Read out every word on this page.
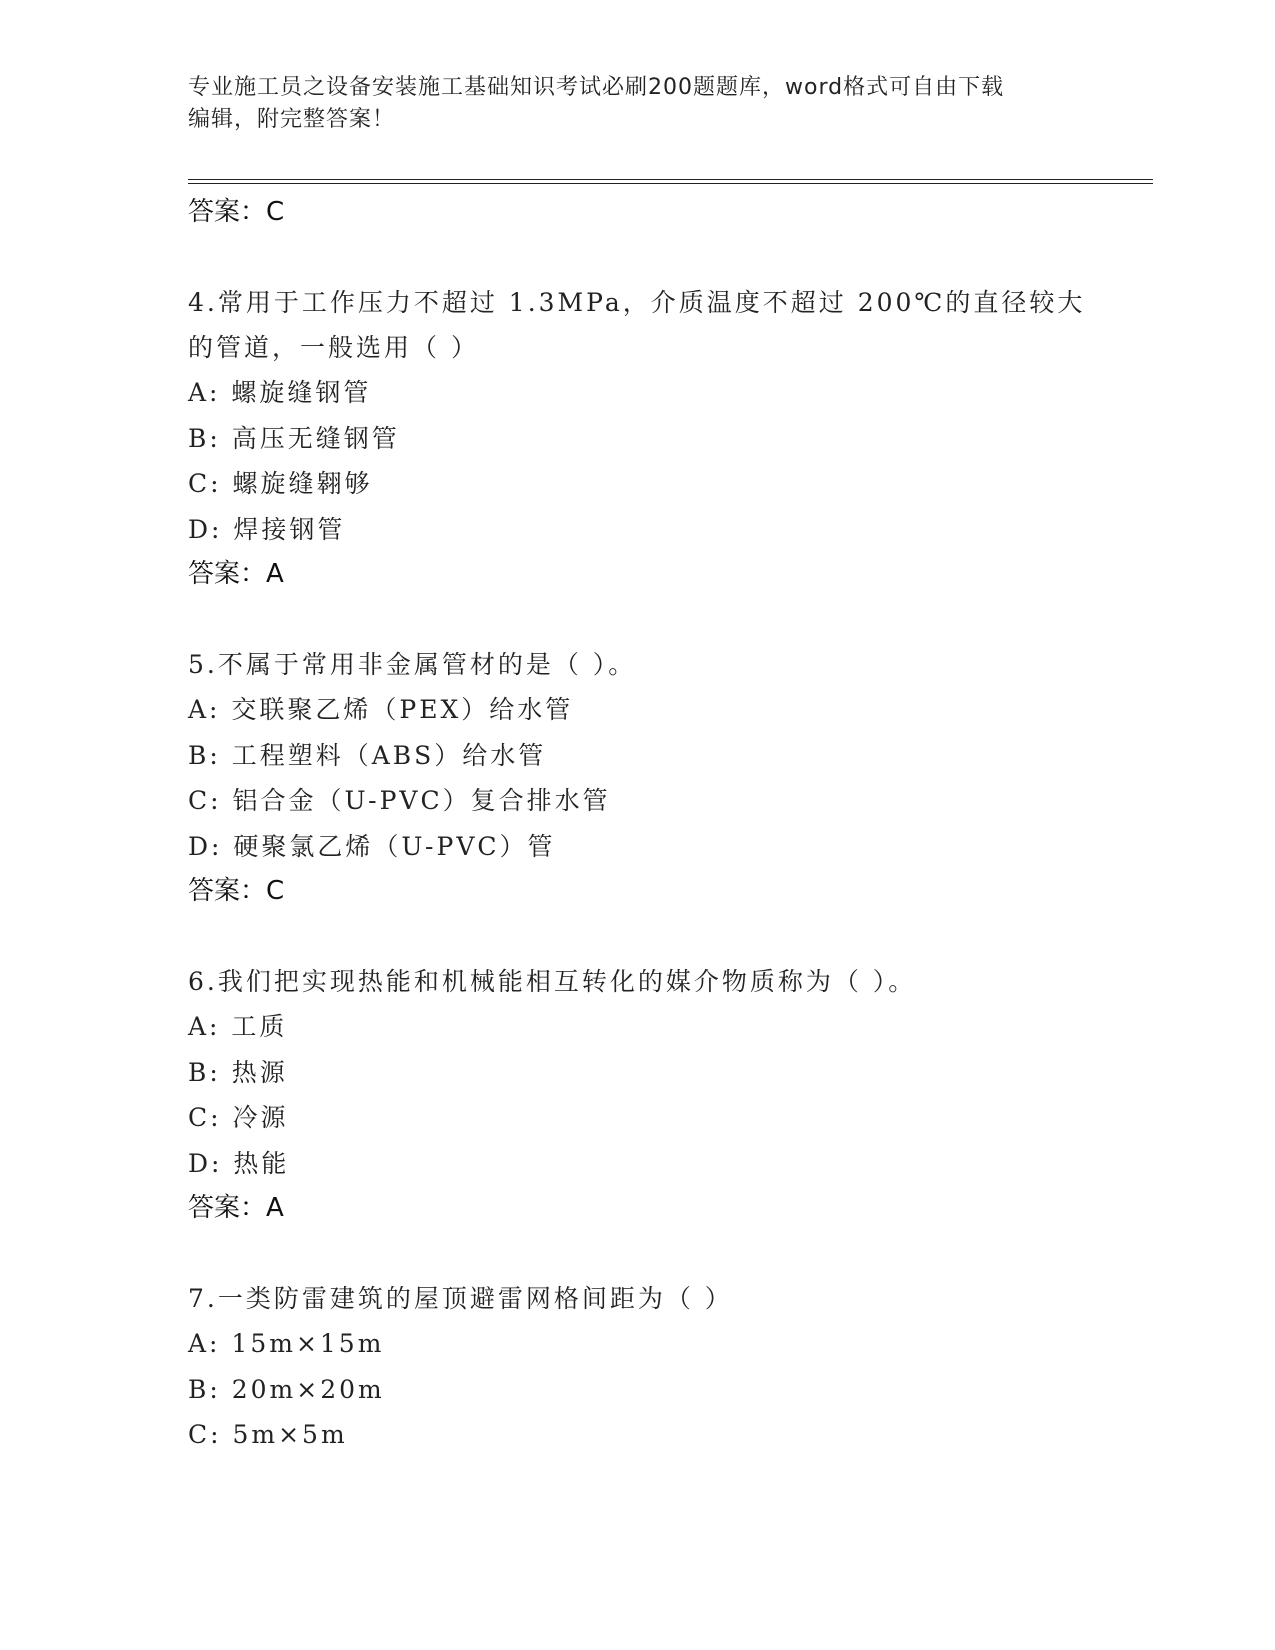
专业施工员之设备安装施工基础知识考试必刷200题题库，word格式可自由下载
编辑，附完整答案！
答案：C
4.常用于工作压力不超过 1.3MPa，介质温度不超过 200℃的直径较大
的管道，一般选用（ ）
A: 螺旋缝钢管
B: 高压无缝钢管
C: 螺旋缝翱够
D: 焊接钢管
答案：A
5.不属于常用非金属管材的是（ ）。
A: 交联聚乙烯（PEX）给水管
B: 工程塑料（ABS）给水管
C: 铝合金（U-PVC）复合排水管
D: 硬聚氯乙烯（U-PVC）管
答案：C
6.我们把实现热能和机械能相互转化的媒介物质称为（ ）。
A: 工质
B: 热源
C: 冷源
D: 热能
答案：A
7.一类防雷建筑的屋顶避雷网格间距为（ ）
A: 15m×15m
B: 20m×20m
C: 5m×5m
